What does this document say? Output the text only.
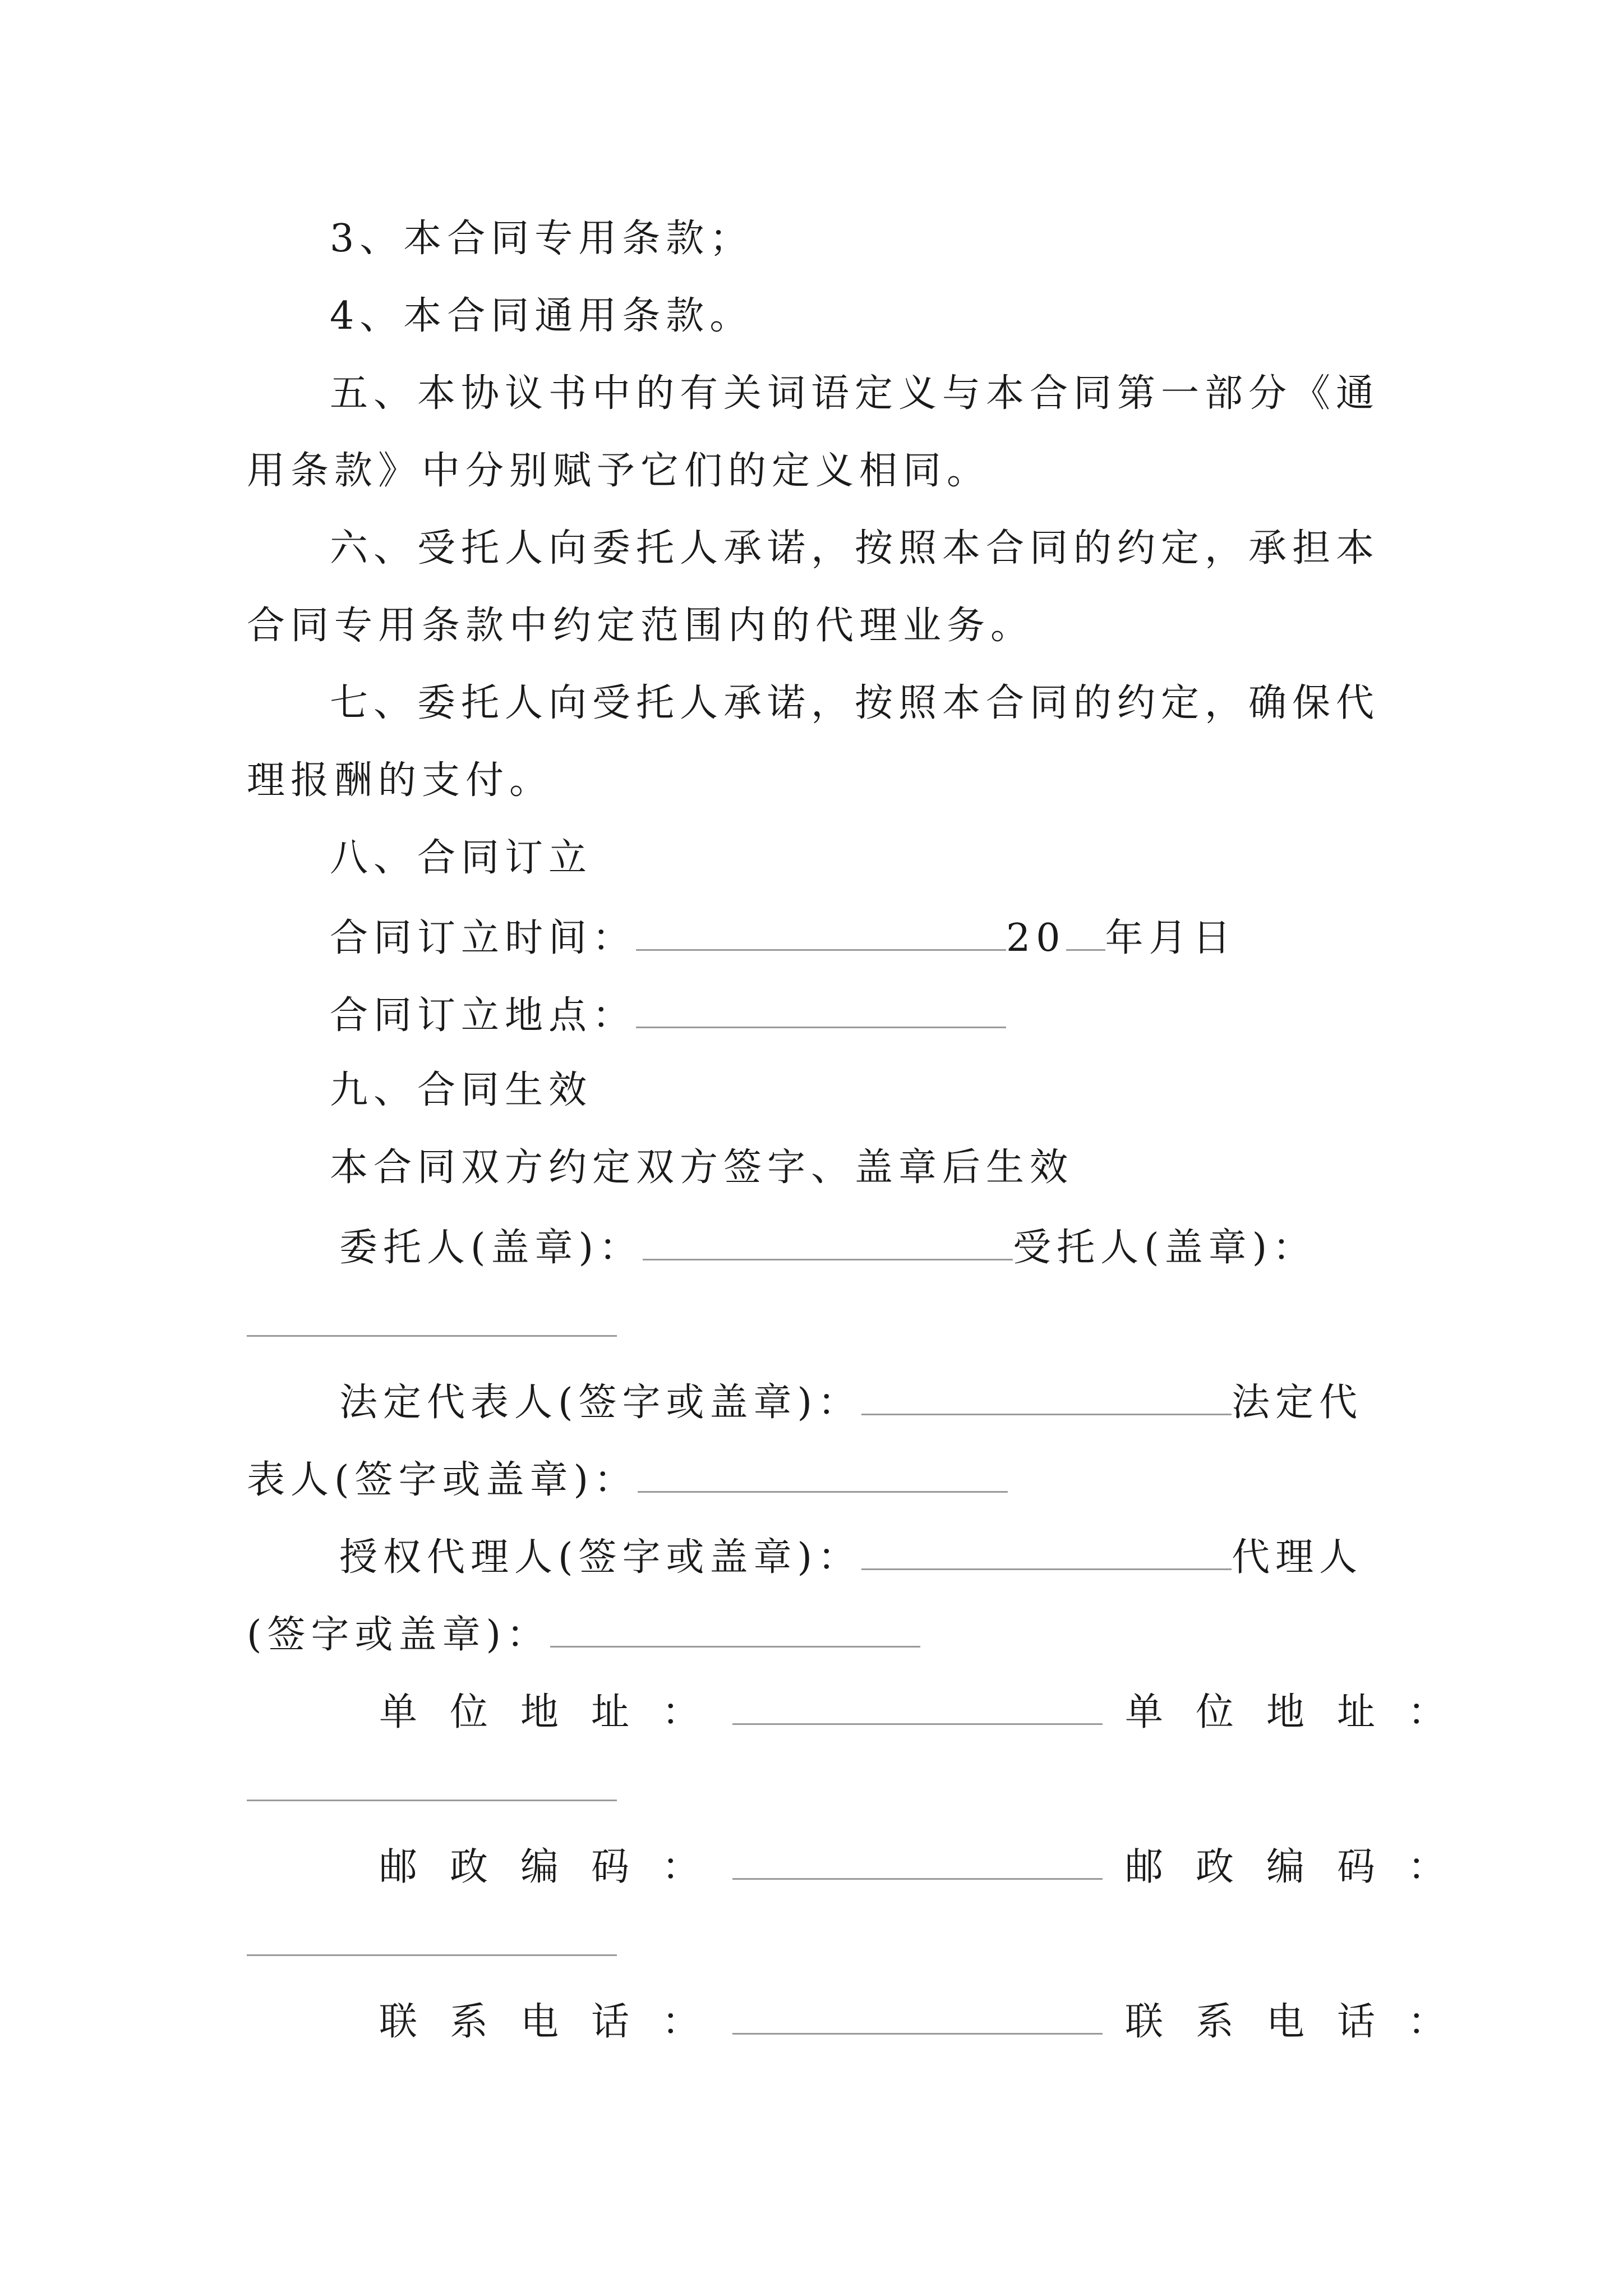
3、本合同专用条款；
4、本合同通用条款。
五、本协议书中的有关词语定义与本合同第一部分《通
用条款》中分别赋予它们的定义相同。
六、受托人向委托人承诺，按照本合同的约定，承担本
合同专用条款中约定范围内的代理业务。
七、委托人向受托人承诺，按照本合同的约定，确保代
理报酬的支付。
八、合同订立
合同订立时间：	20 年月日
合同订立地点：
九、合同生效
本合同双方约定双方签字、盖章后生效
委托人(盖章)：	受托人(盖章)：
法定代表人(签字或盖章)：	法定代
表人(签字或盖章)：
授权代理人(签字或盖章)：	代理人
(签字或盖章)：
单位地址：	单位地址：
邮政编码：	邮政编码：
联系电话：	联系电话：
